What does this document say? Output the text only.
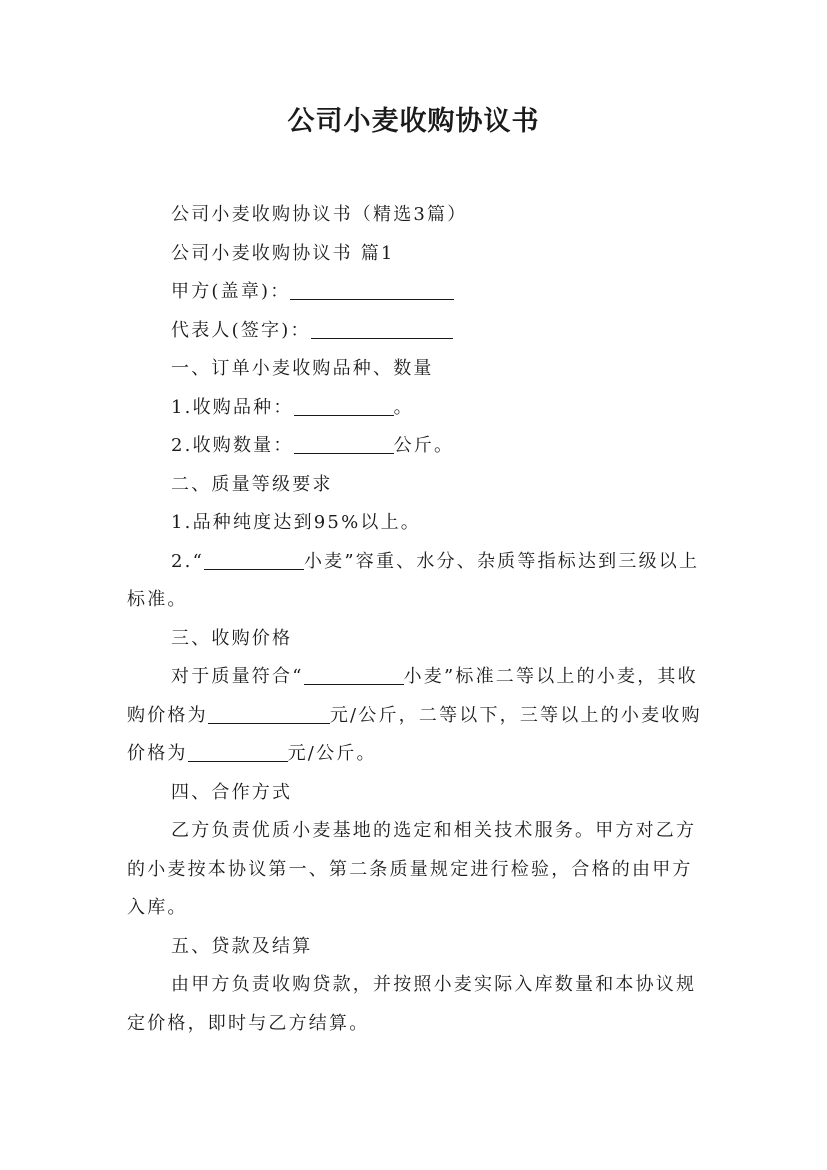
公司小麦收购协议书

公司小麦收购协议书（精选3篇）

公司小麦收购协议书 篇1

甲方(盖章)：

代表人(签字)：

一、订单小麦收购品种、数量

1.收购品种：	。

2.收购数量：	公斤。

二、质量等级要求

1.品种纯度达到95%以上。

2.“	小麦”容重、水分、杂质等指标达到三级以上标准。

三、收购价格

对于质量符合“	小麦”标准二等以上的小麦，其收购价格为	元/公斤，二等以下，三等以上的小麦收购价格为	元/公斤。

四、合作方式

乙方负责优质小麦基地的选定和相关技术服务。甲方对乙方的小麦按本协议第一、第二条质量规定进行检验，合格的由甲方入库。

五、贷款及结算

由甲方负责收购贷款，并按照小麦实际入库数量和本协议规定价格，即时与乙方结算。
